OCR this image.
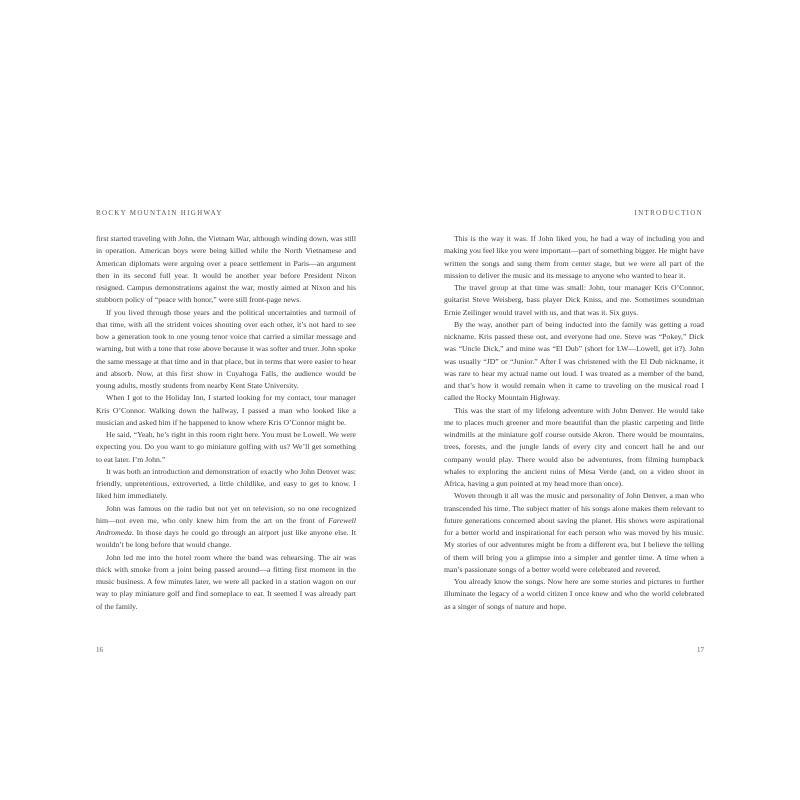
ROCKY MOUNTAIN HIGHWAY

first started traveling with John, the Vietnam War, although winding down, was still in operation. American boys were being killed while the North Vietnamese and American diplomats were arguing over a peace settlement in Paris—an argument then in its second full year. It would be another year before President Nixon resigned. Campus demonstrations against the war, mostly aimed at Nixon and his stubborn policy of “peace with honor,” were still front-page news.

If you lived through those years and the political uncertainties and turmoil of that time, with all the strident voices shouting over each other, it’s not hard to see how a generation took to one young tenor voice that carried a similar message and warning, but with a tone that rose above because it was softer and truer. John spoke the same message at that time and in that place, but in terms that were easier to hear and absorb. Now, at this first show in Cuyahoga Falls, the audience would be young adults, mostly students from nearby Kent State University.

When I got to the Holiday Inn, I started looking for my contact, tour manager Kris O’Connor. Walking down the hallway, I passed a man who looked like a musician and asked him if he happened to know where Kris O’Connor might be.

He said, “Yeah, he’s right in this room right here. You must be Lowell. We were expecting you. Do you want to go miniature golfing with us? We’ll get something to eat later. I’m John.”

It was both an introduction and demonstration of exactly who John Denver was: friendly, unpretentious, extroverted, a little childlike, and easy to get to know. I liked him immediately.

John was famous on the radio but not yet on television, so no one recognized him—not even me, who only knew him from the art on the front of Farewell Andromeda. In those days he could go through an airport just like anyone else. It wouldn’t be long before that would change.

John led me into the hotel room where the band was rehearsing. The air was thick with smoke from a joint being passed around—a fitting first moment in the music business. A few minutes later, we were all packed in a station wagon on our way to play miniature golf and find someplace to eat. It seemed I was already part of the family.

16
INTRODUCTION

This is the way it was. If John liked you, he had a way of including you and making you feel like you were important—part of something bigger. He might have written the songs and sung them from center stage, but we were all part of the mission to deliver the music and its message to anyone who wanted to hear it.

The travel group at that time was small: John, tour manager Kris O’Connor, guitarist Steve Weisberg, bass player Dick Kniss, and me. Sometimes soundman Ernie Zeilinger would travel with us, and that was it. Six guys.

By the way, another part of being inducted into the family was getting a road nickname. Kris passed these out, and everyone had one. Steve was “Pokey,” Dick was “Uncle Dick,” and mine was “El Dub” (short for LW—Lowell, get it?). John was usually “JD” or “Junior.” After I was christened with the El Dub nickname, it was rare to hear my actual name out loud. I was treated as a member of the band, and that’s how it would remain when it came to traveling on the musical road I called the Rocky Mountain Highway.

This was the start of my lifelong adventure with John Denver. He would take me to places much greener and more beautiful than the plastic carpeting and little windmills at the miniature golf course outside Akron. There would be mountains, trees, forests, and the jungle lands of every city and concert hall he and our company would play. There would also be adventures, from filming humpback whales to exploring the ancient ruins of Mesa Verde (and, on a video shoot in Africa, having a gun pointed at my head more than once).

Woven through it all was the music and personality of John Denver, a man who transcended his time. The subject matter of his songs alone makes them relevant to future generations concerned about saving the planet. His shows were aspirational for a better world and inspirational for each person who was moved by his music. My stories of our adventures might be from a different era, but I believe the telling of them will bring you a glimpse into a simpler and gentler time. A time when a man’s passionate songs of a better world were celebrated and revered.

You already know the songs. Now here are some stories and pictures to further illuminate the legacy of a world citizen I once knew and who the world celebrated as a singer of songs of nature and hope.

17
